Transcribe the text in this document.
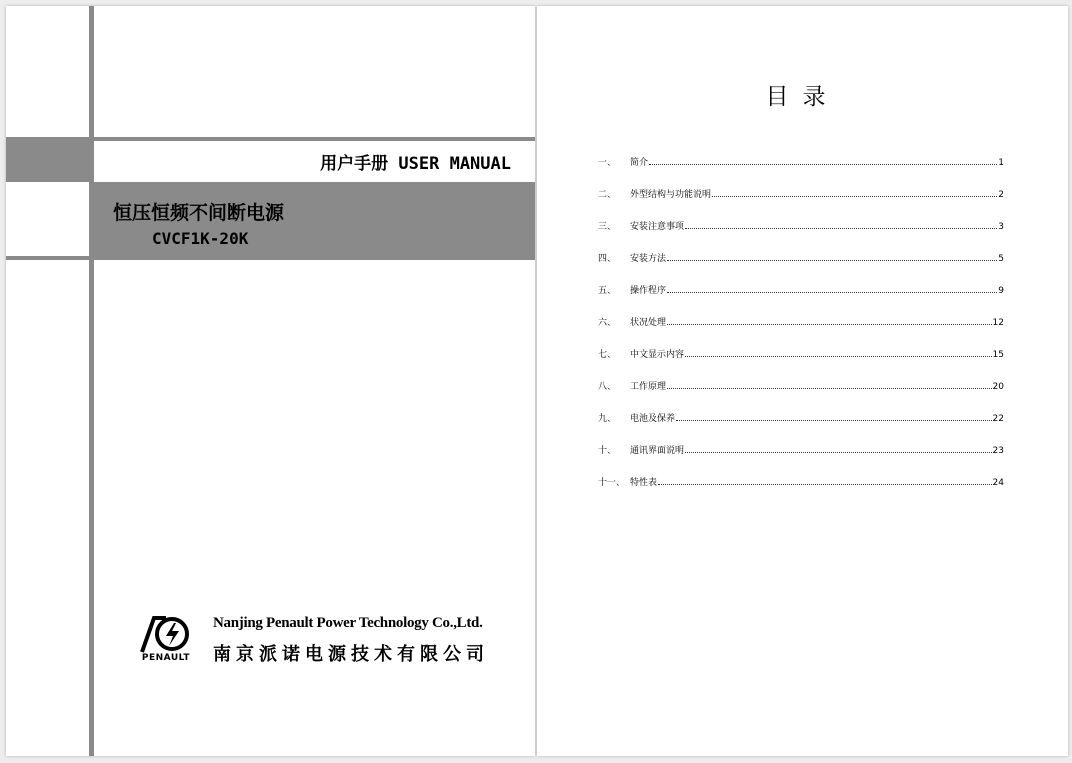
用户手册 USER MANUAL
恒压恒频不间断电源
CVCF1K-20K
PENAULT
Nanjing Penault Power Technology Co.,Ltd.
南京派诺电源技术有限公司
目录
一、	简介	1
二、	外型结构与功能说明	2
三、	安装注意事项	3
四、	安装方法	5
五、	操作程序	9
六、	状况处理	12
七、	中文显示内容	15
八、	工作原理	20
九、	电池及保养	22
十、	通讯界面说明	23
十一、 特性表	24
